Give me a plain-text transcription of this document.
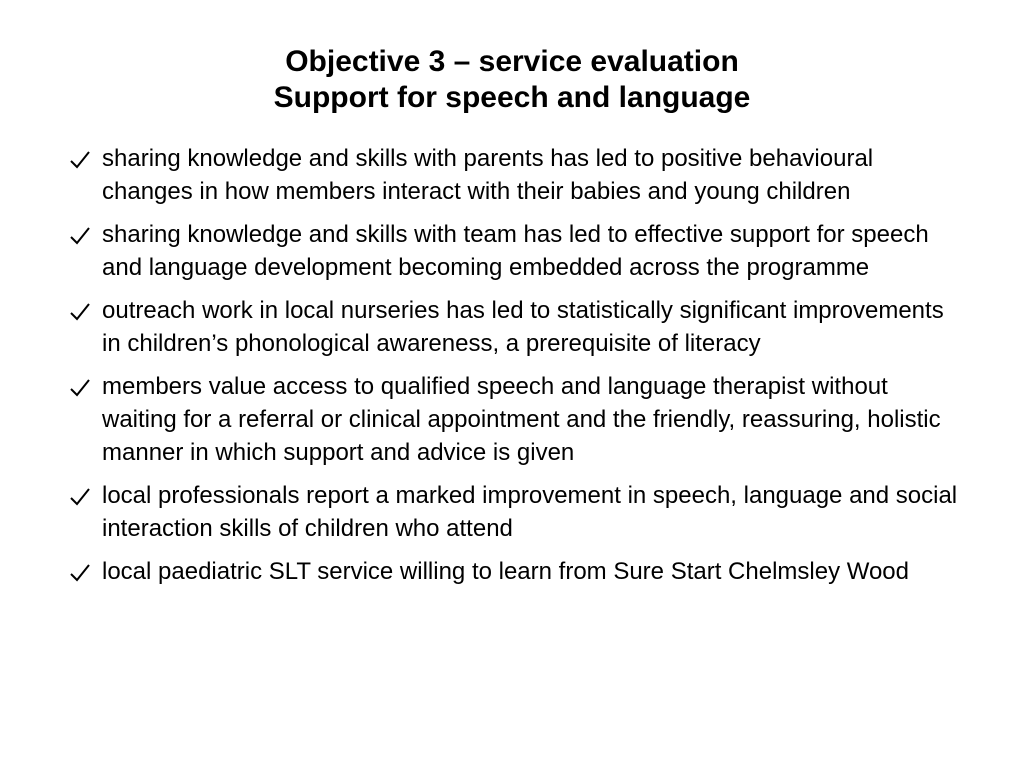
Objective 3 – service evaluation
Support for speech and language
sharing knowledge and skills with parents has led to positive behavioural changes in how members interact with their babies and young children
sharing knowledge and skills with team has led to effective support for speech and language development becoming embedded across the programme
outreach work in local nurseries has led to statistically significant improvements in children’s phonological awareness, a prerequisite of literacy
members value access to qualified speech and language therapist without waiting for a referral or clinical appointment and the friendly, reassuring, holistic manner in which support and advice is given
local professionals report a marked improvement in speech, language and social interaction skills of children who attend
local paediatric SLT service willing to learn from Sure Start Chelmsley Wood
